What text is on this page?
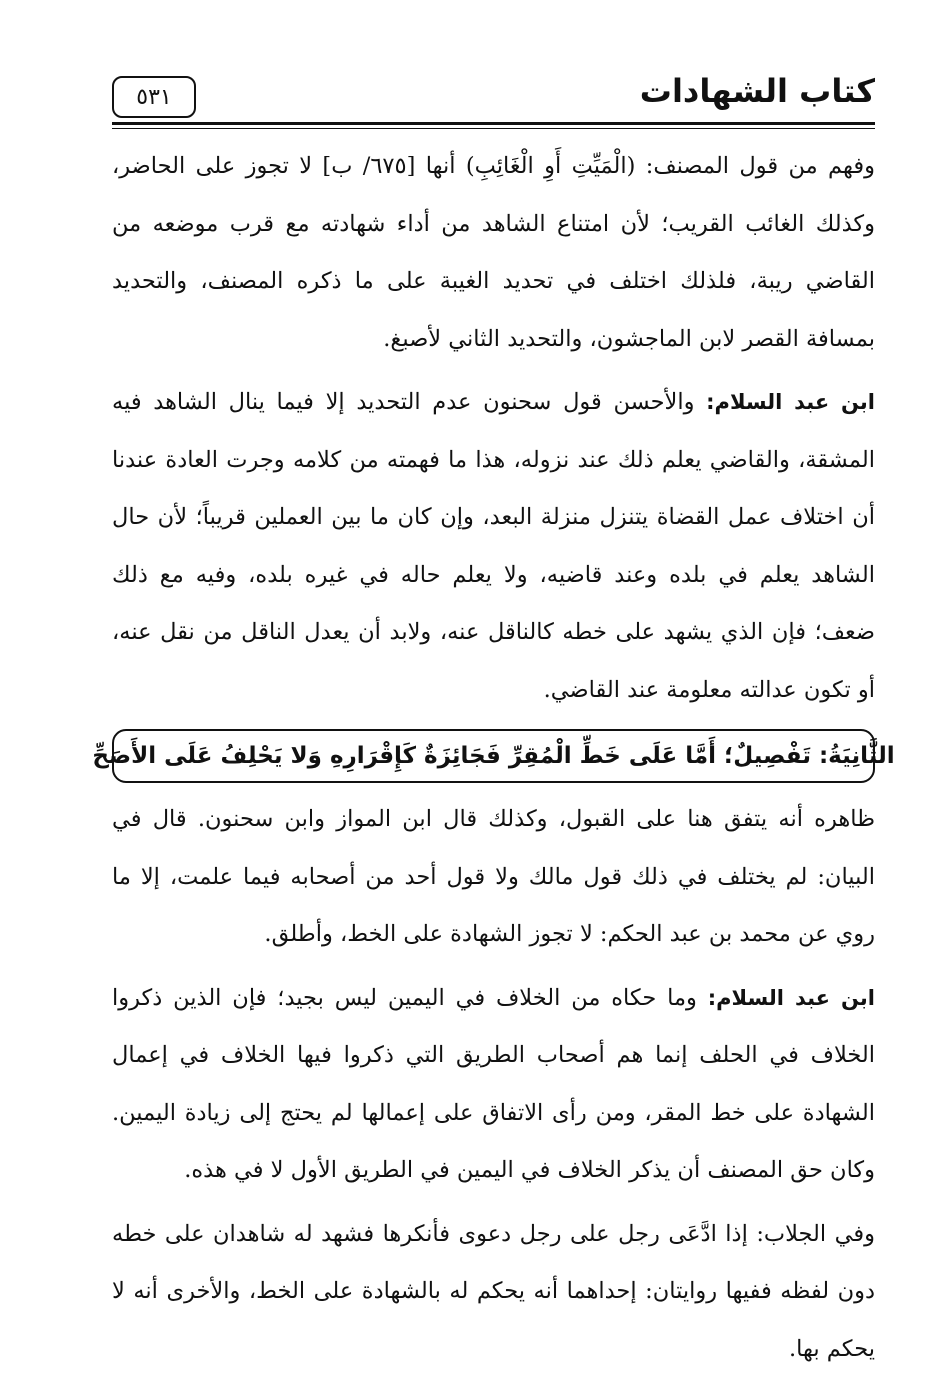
كتاب الشهادات
٥٣١

وفهم من قول المصنف: (الْمَيِّتِ أَوِ الْغَائِبِ) أنها [٦٧٥/ ب] لا تجوز على الحاضر، وكذلك الغائب القريب؛ لأن امتناع الشاهد من أداء شهادته مع قرب موضعه من القاضي ريبة، فلذلك اختلف في تحديد الغيبة على ما ذكره المصنف، والتحديد بمسافة القصر لابن الماجشون، والتحديد الثاني لأصبغ.

ابن عبد السلام: والأحسن قول سحنون عدم التحديد إلا فيما ينال الشاهد فيه المشقة، والقاضي يعلم ذلك عند نزوله، هذا ما فهمته من كلامه وجرت العادة عندنا أن اختلاف عمل القضاة يتنزل منزلة البعد، وإن كان ما بين العملين قريباً؛ لأن حال الشاهد يعلم في بلده وعند قاضيه، ولا يعلم حاله في غيره بلده، وفيه مع ذلك ضعف؛ فإن الذي يشهد على خطه كالناقل عنه، ولابد أن يعدل الناقل من نقل عنه، أو تكون عدالته معلومة عند القاضي.

الثَّانِيَةُ: تَفْصِيلٌ؛ أَمَّا عَلَى خَطِّ الْمُقِرِّ فَجَائِزَةٌ كَإِقْرَارِهِ وَلا يَحْلِفُ عَلَى الأَصَحِّ

ظاهره أنه يتفق هنا على القبول، وكذلك قال ابن المواز وابن سحنون. قال في البيان: لم يختلف في ذلك قول مالك ولا قول أحد من أصحابه فيما علمت، إلا ما روي عن محمد بن عبد الحكم: لا تجوز الشهادة على الخط، وأطلق.

ابن عبد السلام: وما حكاه من الخلاف في اليمين ليس بجيد؛ فإن الذين ذكروا الخلاف في الحلف إنما هم أصحاب الطريق التي ذكروا فيها الخلاف في إعمال الشهادة على خط المقر، ومن رأى الاتفاق على إعمالها لم يحتج إلى زيادة اليمين. وكان حق المصنف أن يذكر الخلاف في اليمين في الطريق الأول لا في هذه.

وفي الجلاب: إذا ادَّعَى رجل على رجل دعوى فأنكرها فشهد له شاهدان على خطه دون لفظه ففيها روايتان: إحداهما أنه يحكم له بالشهادة على الخط، والأخرى أنه لا يحكم بها.
